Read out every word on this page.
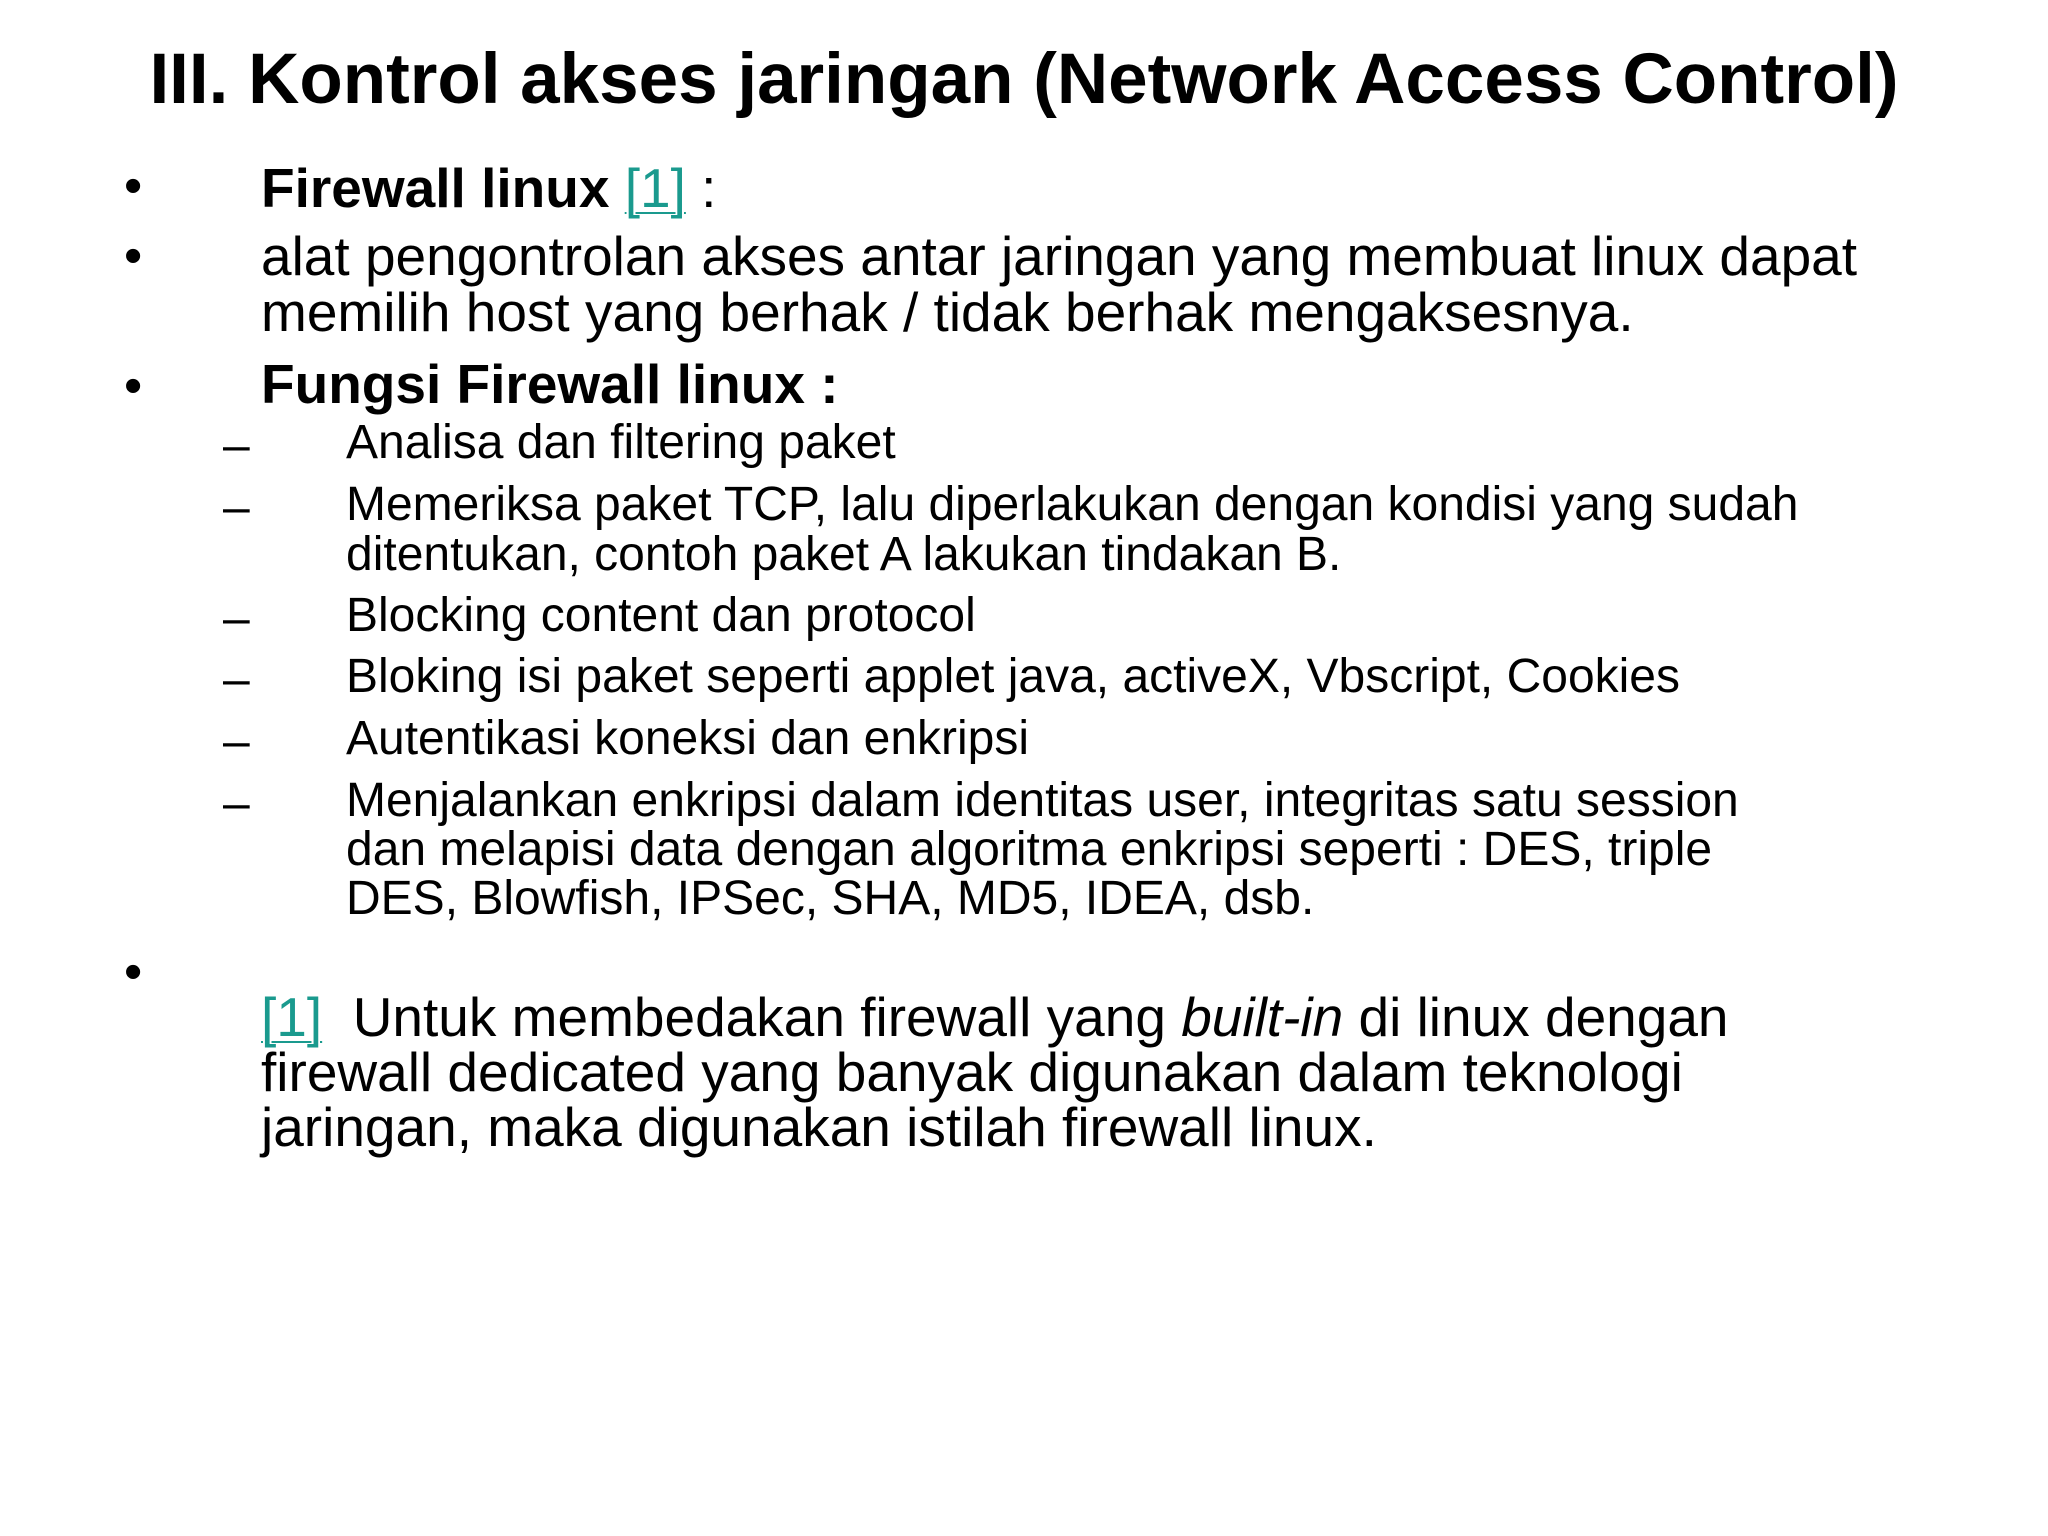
III. Kontrol akses jaringan (Network Access Control)
• Firewall linux [1] :
• alat pengontrolan akses antar jaringan yang membuat linux dapat
memilih host yang berhak / tidak berhak mengaksesnya.
• Fungsi Firewall linux :
– Analisa dan filtering paket
– Memeriksa paket TCP, lalu diperlakukan dengan kondisi yang sudah
ditentukan, contoh paket A lakukan tindakan B.
– Blocking content dan protocol
– Bloking isi paket seperti applet java, activeX, Vbscript, Cookies
– Autentikasi koneksi dan enkripsi
– Menjalankan enkripsi dalam identitas user, integritas satu session
dan melapisi data dengan algoritma enkripsi seperti : DES, triple
DES, Blowfish, IPSec, SHA, MD5, IDEA, dsb.
•
[1]  Untuk membedakan firewall yang built-in di linux dengan
firewall dedicated yang banyak digunakan dalam teknologi
jaringan, maka digunakan istilah firewall linux.
